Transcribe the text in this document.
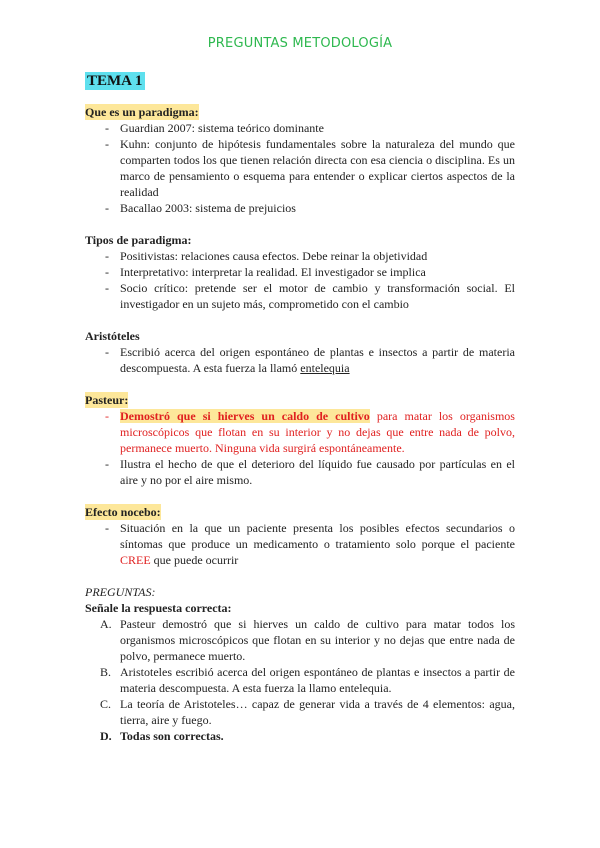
PREGUNTAS METODOLOGÍA
TEMA 1
Que es un paradigma:
- Guardian 2007: sistema teórico dominante
- Kuhn: conjunto de hipótesis fundamentales sobre la naturaleza del mundo que comparten todos los que tienen relación directa con esa ciencia o disciplina. Es un marco de pensamiento o esquema para entender o explicar ciertos aspectos de la realidad
- Bacallao 2003: sistema de prejuicios
Tipos de paradigma:
- Positivistas: relaciones causa efectos. Debe reinar la objetividad
- Interpretativo: interpretar la realidad. El investigador se implica
- Socio crítico: pretende ser el motor de cambio y transformación social. El investigador en un sujeto más, comprometido con el cambio
Aristóteles
- Escribió acerca del origen espontáneo de plantas e insectos a partir de materia descompuesta. A esta fuerza la llamó entelequia
Pasteur:
- Demostró que si hierves un caldo de cultivo para matar los organismos microscópicos que flotan en su interior y no dejas que entre nada de polvo, permanece muerto. Ninguna vida surgirá espontáneamente.
- Ilustra el hecho de que el deterioro del líquido fue causado por partículas en el aire y no por el aire mismo.
Efecto nocebo:
- Situación en la que un paciente presenta los posibles efectos secundarios o síntomas que produce un medicamento o tratamiento solo porque el paciente CREE que puede ocurrir
PREGUNTAS:
Señale la respuesta correcta:
A. Pasteur demostró que si hierves un caldo de cultivo para matar todos los organismos microscópicos que flotan en su interior y no dejas que entre nada de polvo, permanece muerto.
B. Aristoteles escribió acerca del origen espontáneo de plantas e insectos a partir de materia descompuesta. A esta fuerza la llamo entelequia.
C. La teoría de Aristoteles… capaz de generar vida a través de 4 elementos: agua, tierra, aire y fuego.
D. Todas son correctas.
